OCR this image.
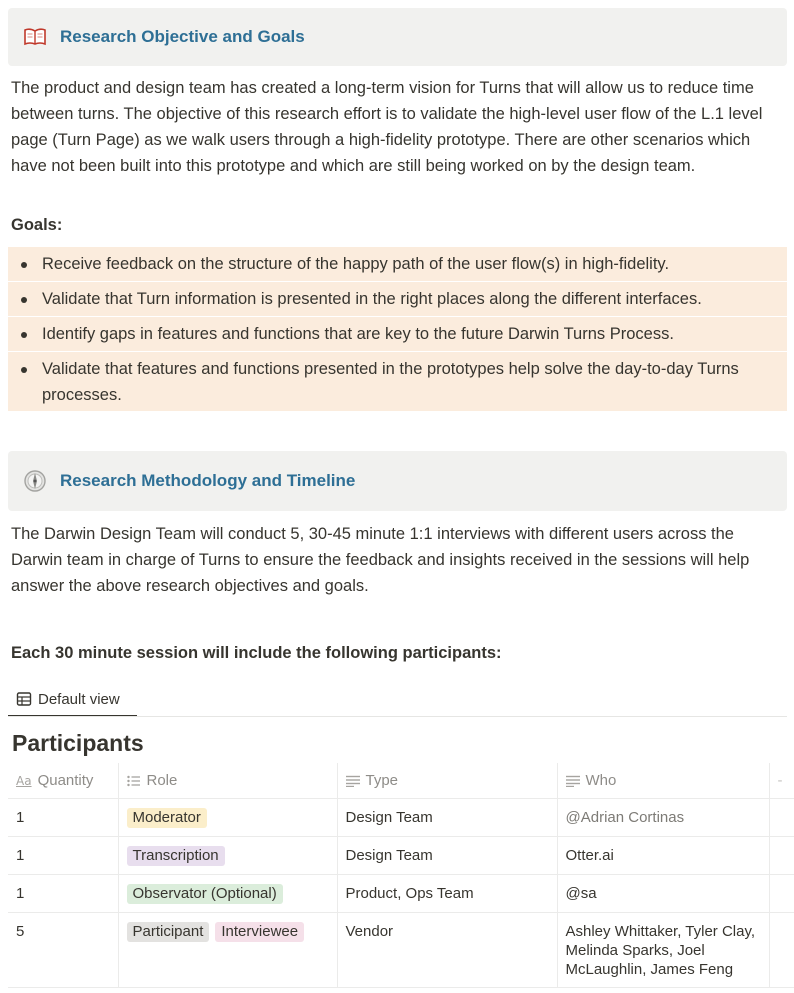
Research Objective and Goals
The product and design team has created a long-term vision for Turns that will allow us to reduce time between turns. The objective of this research effort is to validate the high-level user flow of the L.1 level page (Turn Page) as we walk users through a high-fidelity prototype. There are other scenarios which have not been built into this prototype and which are still being worked on by the design team.
Goals:
Receive feedback on the structure of the happy path of the user flow(s) in high-fidelity.
Validate that Turn information is presented in the right places along the different interfaces.
Identify gaps in features and functions that are key to the future Darwin Turns Process.
Validate that features and functions presented in the prototypes help solve the day-to-day Turns processes.
Research Methodology and Timeline
The Darwin Design Team will conduct 5, 30-45 minute 1:1 interviews with different users across the Darwin team in charge of Turns to ensure the feedback and insights received in the sessions will help answer the above research objectives and goals.
Each 30 minute session will include the following participants:
Default view
Participants
Aa Quantity	Role	Type	Who	-
1	Moderator	Design Team	@Adrian Cortinas	
1	Transcription	Design Team	Otter.ai	
1	Observator (Optional)	Product, Ops Team	@sa	
5	Participant Interviewee	Vendor	Ashley Whittaker, Tyler Clay, Melinda Sparks, Joel McLaughlin, James Feng	
